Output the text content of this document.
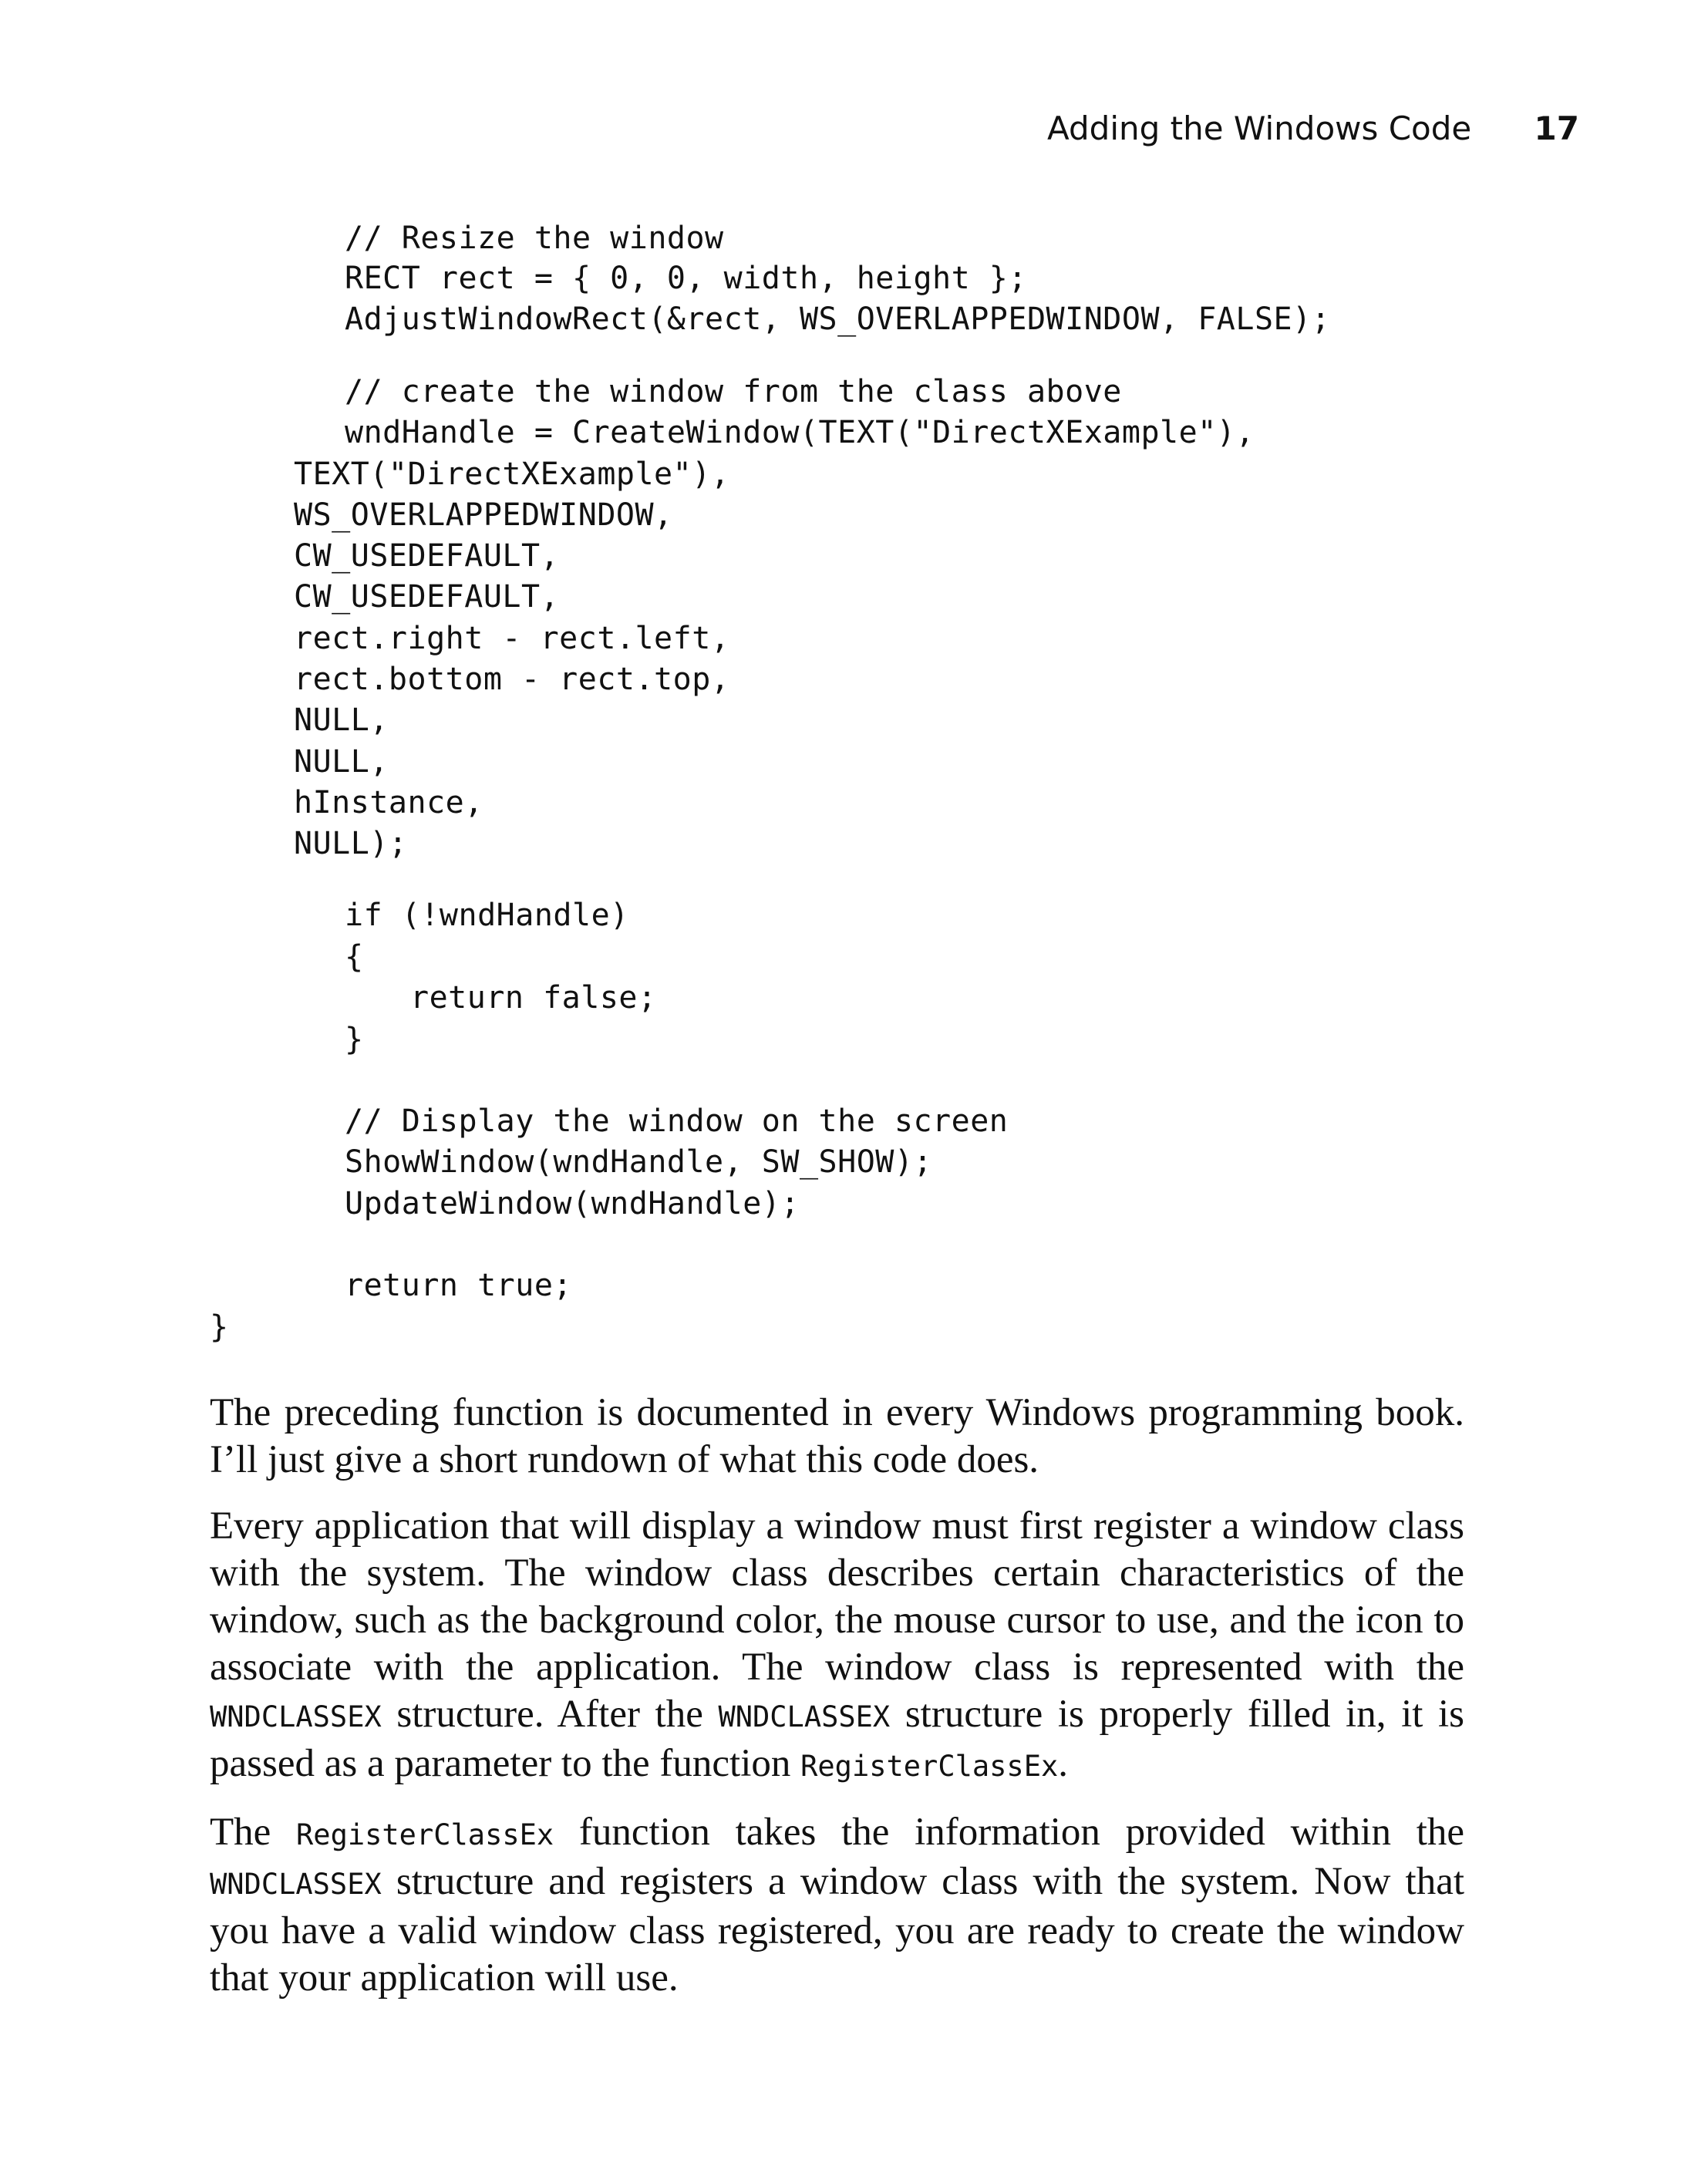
Adding the Windows Code 17
// Resize the window
RECT rect = { 0, 0, width, height };
AdjustWindowRect(&rect, WS_OVERLAPPEDWINDOW, FALSE);
// create the window from the class above
wndHandle = CreateWindow(TEXT("DirectXExample"),
TEXT("DirectXExample"),
WS_OVERLAPPEDWINDOW,
CW_USEDEFAULT,
CW_USEDEFAULT,
rect.right - rect.left,
rect.bottom - rect.top,
NULL,
NULL,
hInstance,
NULL);
if (!wndHandle)
{
return false;
}
// Display the window on the screen
ShowWindow(wndHandle, SW_SHOW);
UpdateWindow(wndHandle);
return true;
}

The preceding function is documented in every Windows programming book. I’ll just give a short rundown of what this code does.

Every application that will display a window must first register a window class with the system. The window class describes certain characteristics of the window, such as the background color, the mouse cursor to use, and the icon to associate with the application. The window class is represented with the WNDCLASSEX structure. After the WNDCLASSEX structure is properly filled in, it is passed as a parameter to the function RegisterClassEx.

The RegisterClassEx function takes the information provided within the WNDCLASSEX structure and registers a window class with the system. Now that you have a valid window class registered, you are ready to create the window that your application will use.
